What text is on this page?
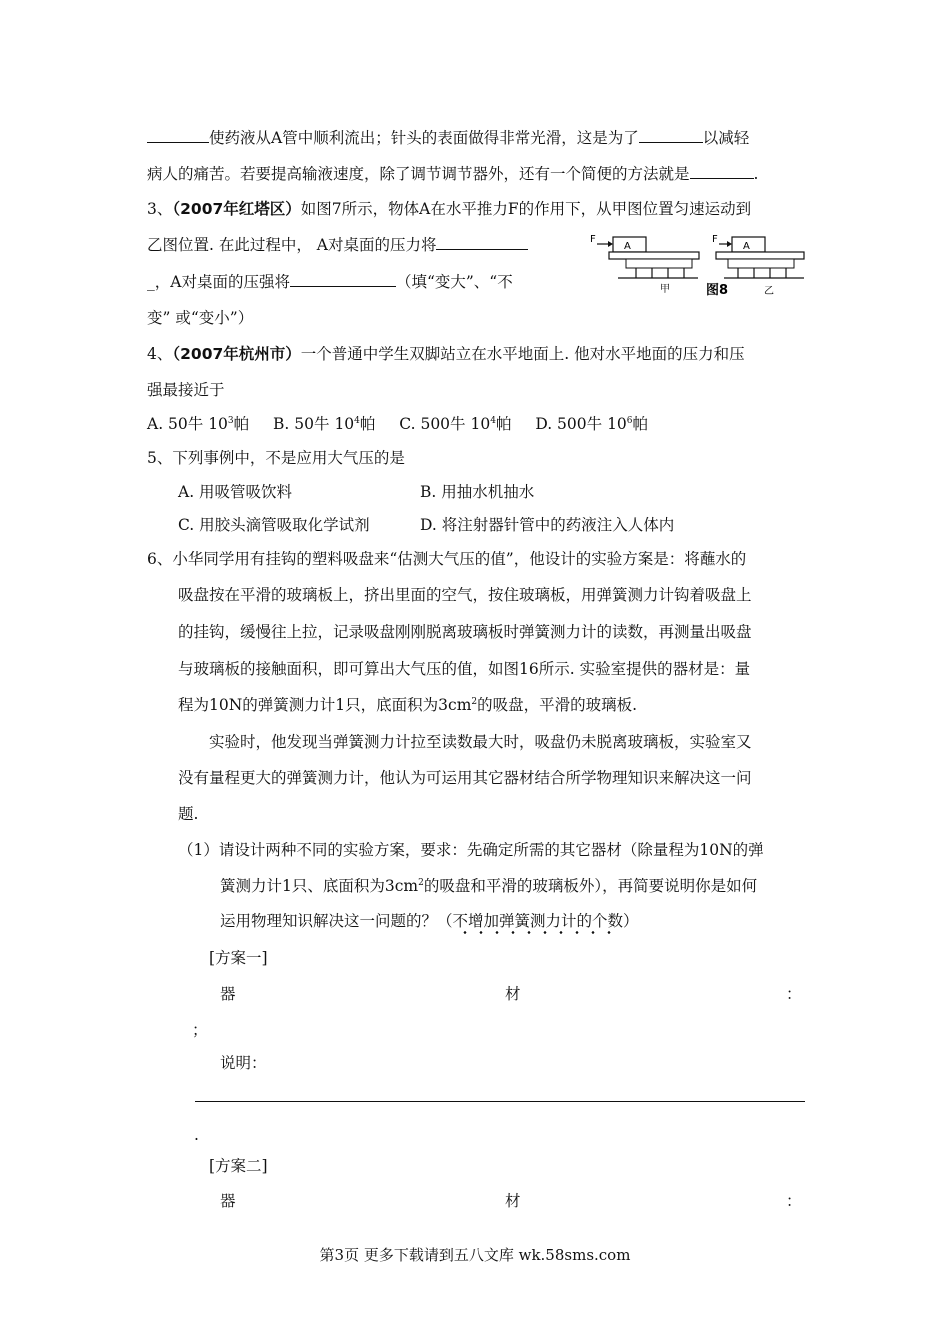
使药液从A管中顺利流出；针头的表面做得非常光滑，这是为了	以减轻
病人的痛苦。若要提高输液速度，除了调节调节器外，还有一个简便的方法就是	.
3、（2007年红塔区）如图7所示，物体A在水平推力F的作用下，从甲图位置匀速运动到
乙图位置. 在此过程中， A对桌面的压力将
_，A对桌面的压强将	（填“变大”、“不
变” 或“变小”）
F
A
甲
F
A
图8	乙
4、（2007年杭州市）一个普通中学生双脚站立在水平地面上. 他对水平地面的压力和压
强最接近于
A. 50牛 $10^3$帕 B. 50牛 $10^4$帕 C. 500牛 $10^4$帕 D. 500牛 $10^6$帕
5、下列事例中，不是应用大气压的是
A. 用吸管吸饮料	B. 用抽水机抽水
C. 用胶头滴管吸取化学试剂	D. 将注射器针管中的药液注入人体内
6、小华同学用有挂钩的塑料吸盘来“估测大气压的值”，他设计的实验方案是：将蘸水的
吸盘按在平滑的玻璃板上，挤出里面的空气，按住玻璃板，用弹簧测力计钩着吸盘上
的挂钩，缓慢往上拉，记录吸盘刚刚脱离玻璃板时弹簧测力计的读数，再测量出吸盘
与玻璃板的接触面积，即可算出大气压的值，如图16所示. 实验室提供的器材是：量
程为10N的弹簧测力计1只，底面积为$3cm^2$的吸盘，平滑的玻璃板.
实验时，他发现当弹簧测力计拉至读数最大时，吸盘仍未脱离玻璃板，实验室又
没有量程更大的弹簧测力计，他认为可运用其它器材结合所学物理知识来解决这一问
题.
（1）请设计两种不同的实验方案，要求：先确定所需的其它器材（除量程为10N的弹
簧测力计1只、底面积为$3cm^2$的吸盘和平滑的玻璃板外），再简要说明你是如何
运用物理知识解决这一问题的？（不增加弹簧测力计的个数）
[方案一]
器	材	：
；
说明：
.
[方案二]
器	材	：
第3页 更多下载请到五八文库 wk.58sms.com
